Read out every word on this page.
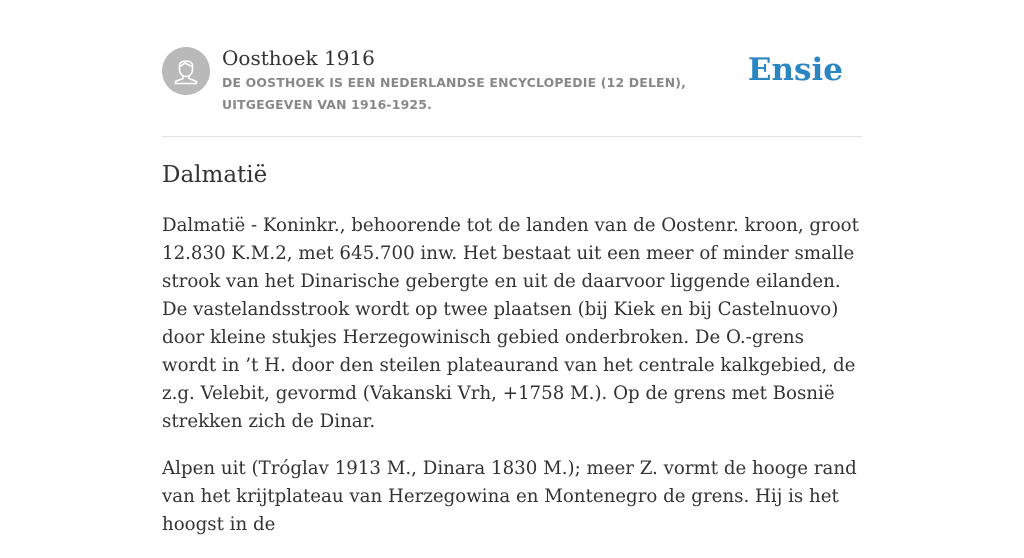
Oosthoek 1916

DE OOSTHOEK IS EEN NEDERLANDSE ENCYCLOPEDIE (12 DELEN), UITGEGEVEN VAN 1916-1925.

Ensie
Dalmatië

Dalmatië - Koninkr., behoorende tot de landen van de Oostenr. kroon, groot 12.830 K.M.2, met 645.700 inw. Het bestaat uit een meer of minder smalle strook van het Dinarische gebergte en uit de daarvoor liggende eilanden. De vastelandsstrook wordt op twee plaatsen (bij Kiek en bij Castelnuovo) door kleine stukjes Herzegowinisch gebied onderbroken. De O.-grens wordt in ’t H. door den steilen plateaurand van het centrale kalkgebied, de z.g. Velebit, gevormd (Vakanski Vrh, +1758 M.). Op de grens met Bosnië strekken zich de Dinar.

Alpen uit (Tróglav 1913 M., Dinara 1830 M.); meer Z. vormt de hooge rand van het krijtplateau van Herzegowina en Montenegro de grens. Hij is het hoogst in de
